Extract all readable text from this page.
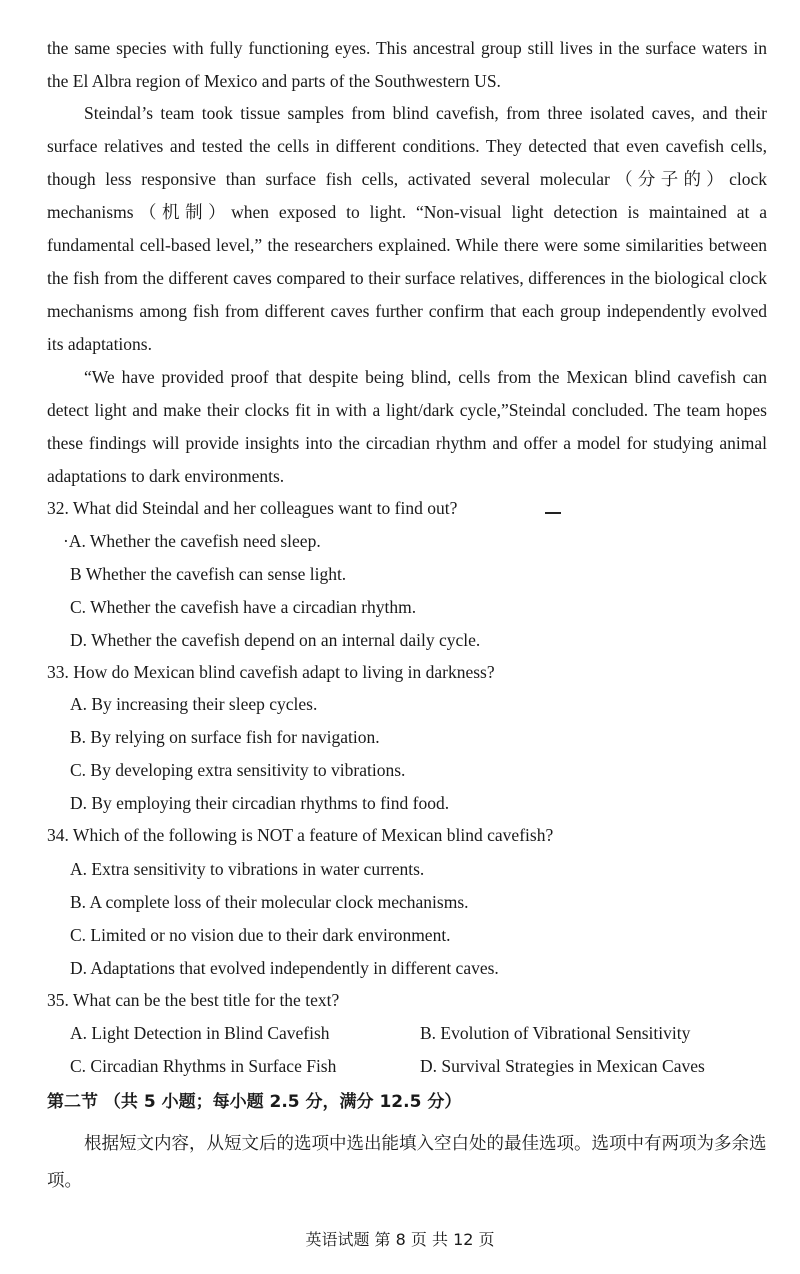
the same species with fully functioning eyes. This ancestral group still lives in the surface waters in the El Albra region of Mexico and parts of the Southwestern US.

Steindal’s team took tissue samples from blind cavefish, from three isolated caves, and their surface relatives and tested the cells in different conditions. They detected that even cavefish cells, though less responsive than surface fish cells, activated several molecular（分子的）clock mechanisms（机制）when exposed to light. “Non-visual light detection is maintained at a fundamental cell-based level,” the researchers explained. While there were some similarities between the fish from the different caves compared to their surface relatives, differences in the biological clock mechanisms among fish from different caves further confirm that each group independently evolved its adaptations.

“We have provided proof that despite being blind, cells from the Mexican blind cavefish can detect light and make their clocks fit in with a light/dark cycle,”Steindal concluded. The team hopes these findings will provide insights into the circadian rhythm and offer a model for studying animal adaptations to dark environments.

32. What did Steindal and her colleagues want to find out?
·A. Whether the cavefish need sleep.
B Whether the cavefish can sense light.
C. Whether the cavefish have a circadian rhythm.
D. Whether the cavefish depend on an internal daily cycle.
33. How do Mexican blind cavefish adapt to living in darkness?
A. By increasing their sleep cycles.
B. By relying on surface fish for navigation.
C. By developing extra sensitivity to vibrations.
D. By employing their circadian rhythms to find food.
34. Which of the following is NOT a feature of Mexican blind cavefish?
A. Extra sensitivity to vibrations in water currents.
B. A complete loss of their molecular clock mechanisms.
C. Limited or no vision due to their dark environment.
D. Adaptations that evolved independently in different caves.
35. What can be the best title for the text?
A. Light Detection in Blind Cavefish	B. Evolution of Vibrational Sensitivity
C. Circadian Rhythms in Surface Fish	D. Survival Strategies in Mexican Caves
第二节 （共 5 小题；每小题 2.5 分，满分 12.5 分）

根据短文内容，从短文后的选项中选出能填入空白处的最佳选项。选项中有两项为多余选项。

英语试题 第 8 页 共 12 页
